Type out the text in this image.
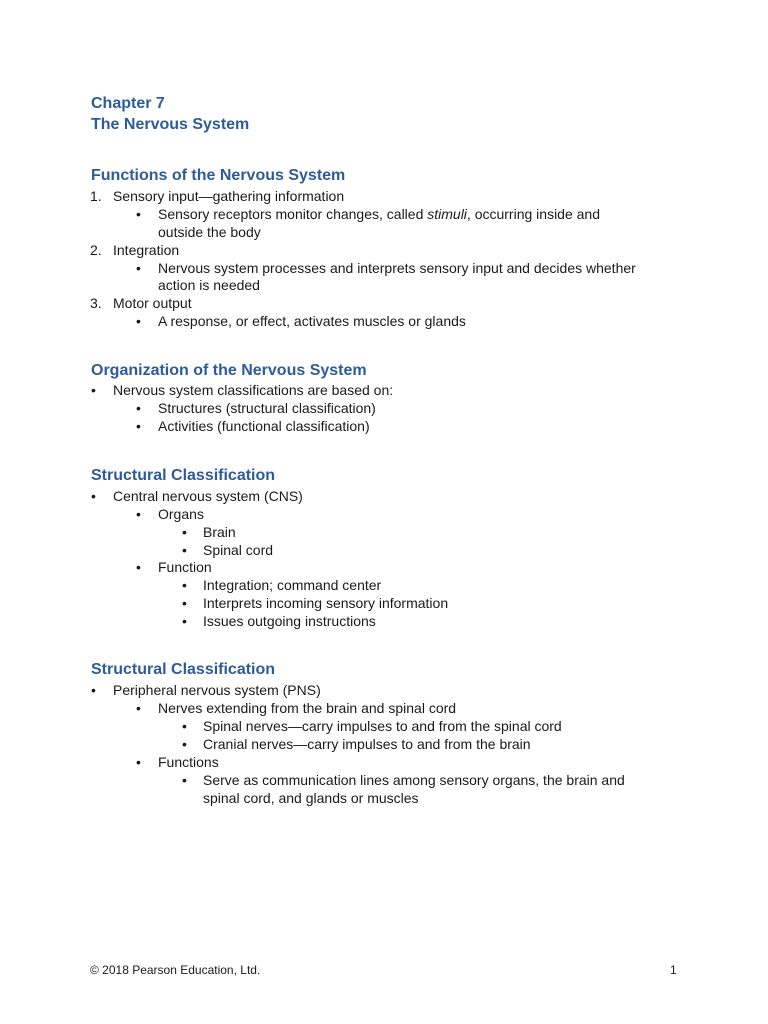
Chapter 7
The Nervous System
Functions of the Nervous System
1. Sensory input—gathering information
• Sensory receptors monitor changes, called stimuli, occurring inside and
outside the body
2. Integration
• Nervous system processes and interprets sensory input and decides whether
action is needed
3. Motor output
• A response, or effect, activates muscles or glands
Organization of the Nervous System
• Nervous system classifications are based on:
• Structures (structural classification)
• Activities (functional classification)
Structural Classification
• Central nervous system (CNS)
• Organs
• Brain
• Spinal cord
• Function
• Integration; command center
• Interprets incoming sensory information
• Issues outgoing instructions
Structural Classification
• Peripheral nervous system (PNS)
• Nerves extending from the brain and spinal cord
• Spinal nerves—carry impulses to and from the spinal cord
• Cranial nerves—carry impulses to and from the brain
• Functions
• Serve as communication lines among sensory organs, the brain and
spinal cord, and glands or muscles
© 2018 Pearson Education, Ltd.	1
